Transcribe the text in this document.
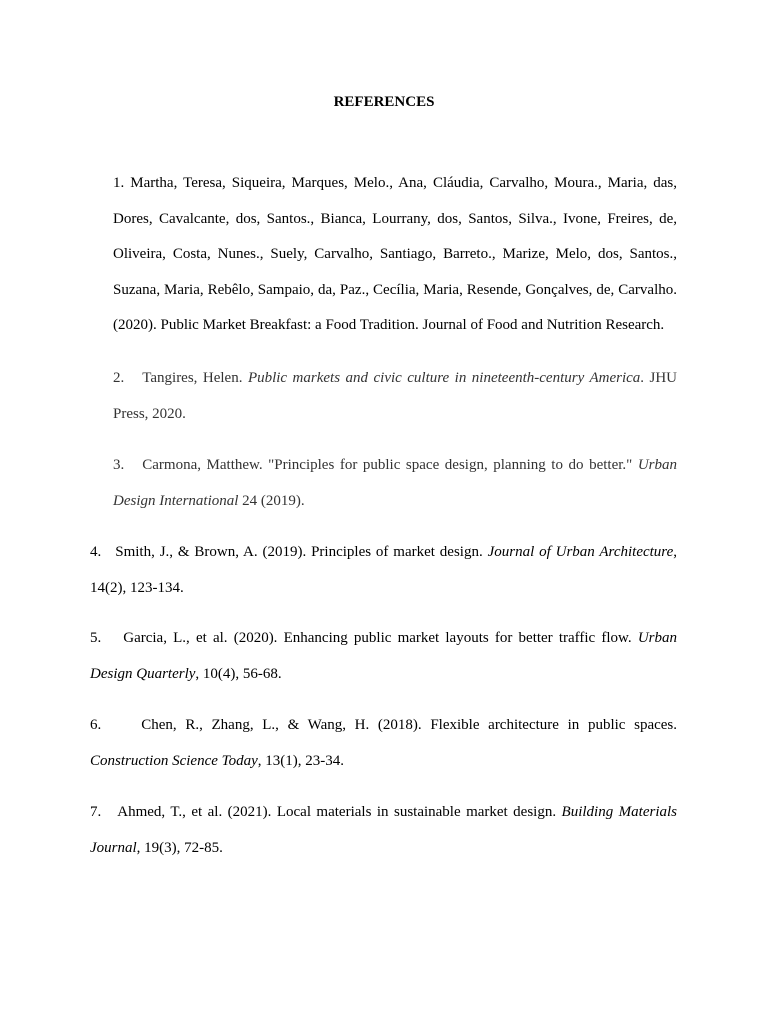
REFERENCES

1. Martha, Teresa, Siqueira, Marques, Melo., Ana, Cláudia, Carvalho, Moura., Maria, das, Dores, Cavalcante, dos, Santos., Bianca, Lourrany, dos, Santos, Silva., Ivone, Freires, de, Oliveira, Costa, Nunes., Suely, Carvalho, Santiago, Barreto., Marize, Melo, dos, Santos., Suzana, Maria, Rebêlo, Sampaio, da, Paz., Cecília, Maria, Resende, Gonçalves, de, Carvalho. (2020). Public Market Breakfast: a Food Tradition. Journal of Food and Nutrition Research.

2. Tangires, Helen. Public markets and civic culture in nineteenth-century America. JHU Press, 2020.

3. Carmona, Matthew. "Principles for public space design, planning to do better." Urban Design International 24 (2019).

4. Smith, J., & Brown, A. (2019). Principles of market design. Journal of Urban Architecture, 14(2), 123-134.

5. Garcia, L., et al. (2020). Enhancing public market layouts for better traffic flow. Urban Design Quarterly, 10(4), 56-68.

6.	Chen, R., Zhang, L., & Wang, H. (2018). Flexible architecture in public spaces. Construction Science Today, 13(1), 23-34.

7. Ahmed, T., et al. (2021). Local materials in sustainable market design. Building Materials Journal, 19(3), 72-85.
